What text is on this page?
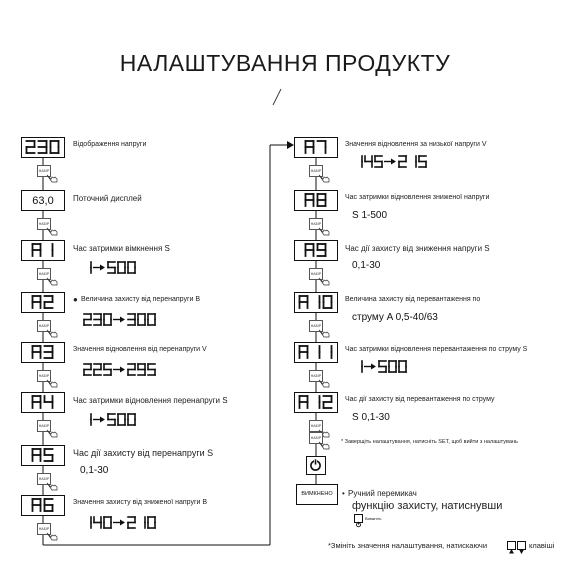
НАЛАШТУВАННЯ ПРОДУКТУ
Відображення напруги
НАБІР
63,0	Поточний дисплей
НАБІР
Час затримки вімкнення S
НАБІР
Величина захисту від перенапруги B
●
НАБІР
Значення відновлення від перенапруги V
НАБІР
Час затримки відновлення перенапруги S
НАБІР
Час дії захисту від перенапруги S
0,1-30
НАБІР
Значення захисту від зниженої напруги B
НАБІР
Значення відновлення за низької напруги V
НАБІР
Час затримки відновлення зниженої напруги
S 1-500
НАБІР
Час дії захисту від зниження напруги S
0,1-30
НАБІР
Величина захисту від перевантаження по
струму A 0,5-40/63
НАБІР
Час затримки відновлення перевантаження по струму S
НАБІР
Час дії захисту від перевантаження по струму
S 0,1-30
НАБІР
НАБІР
* Заверщіть налаштування, натисніть SET, щоб вийти з налаштувань
ВИМКНЕНО	• Ручний перемикач
функцію захисту, натиснувши
Вимкніть
*Змініть значення налаштування, натискаючи	клавіші
